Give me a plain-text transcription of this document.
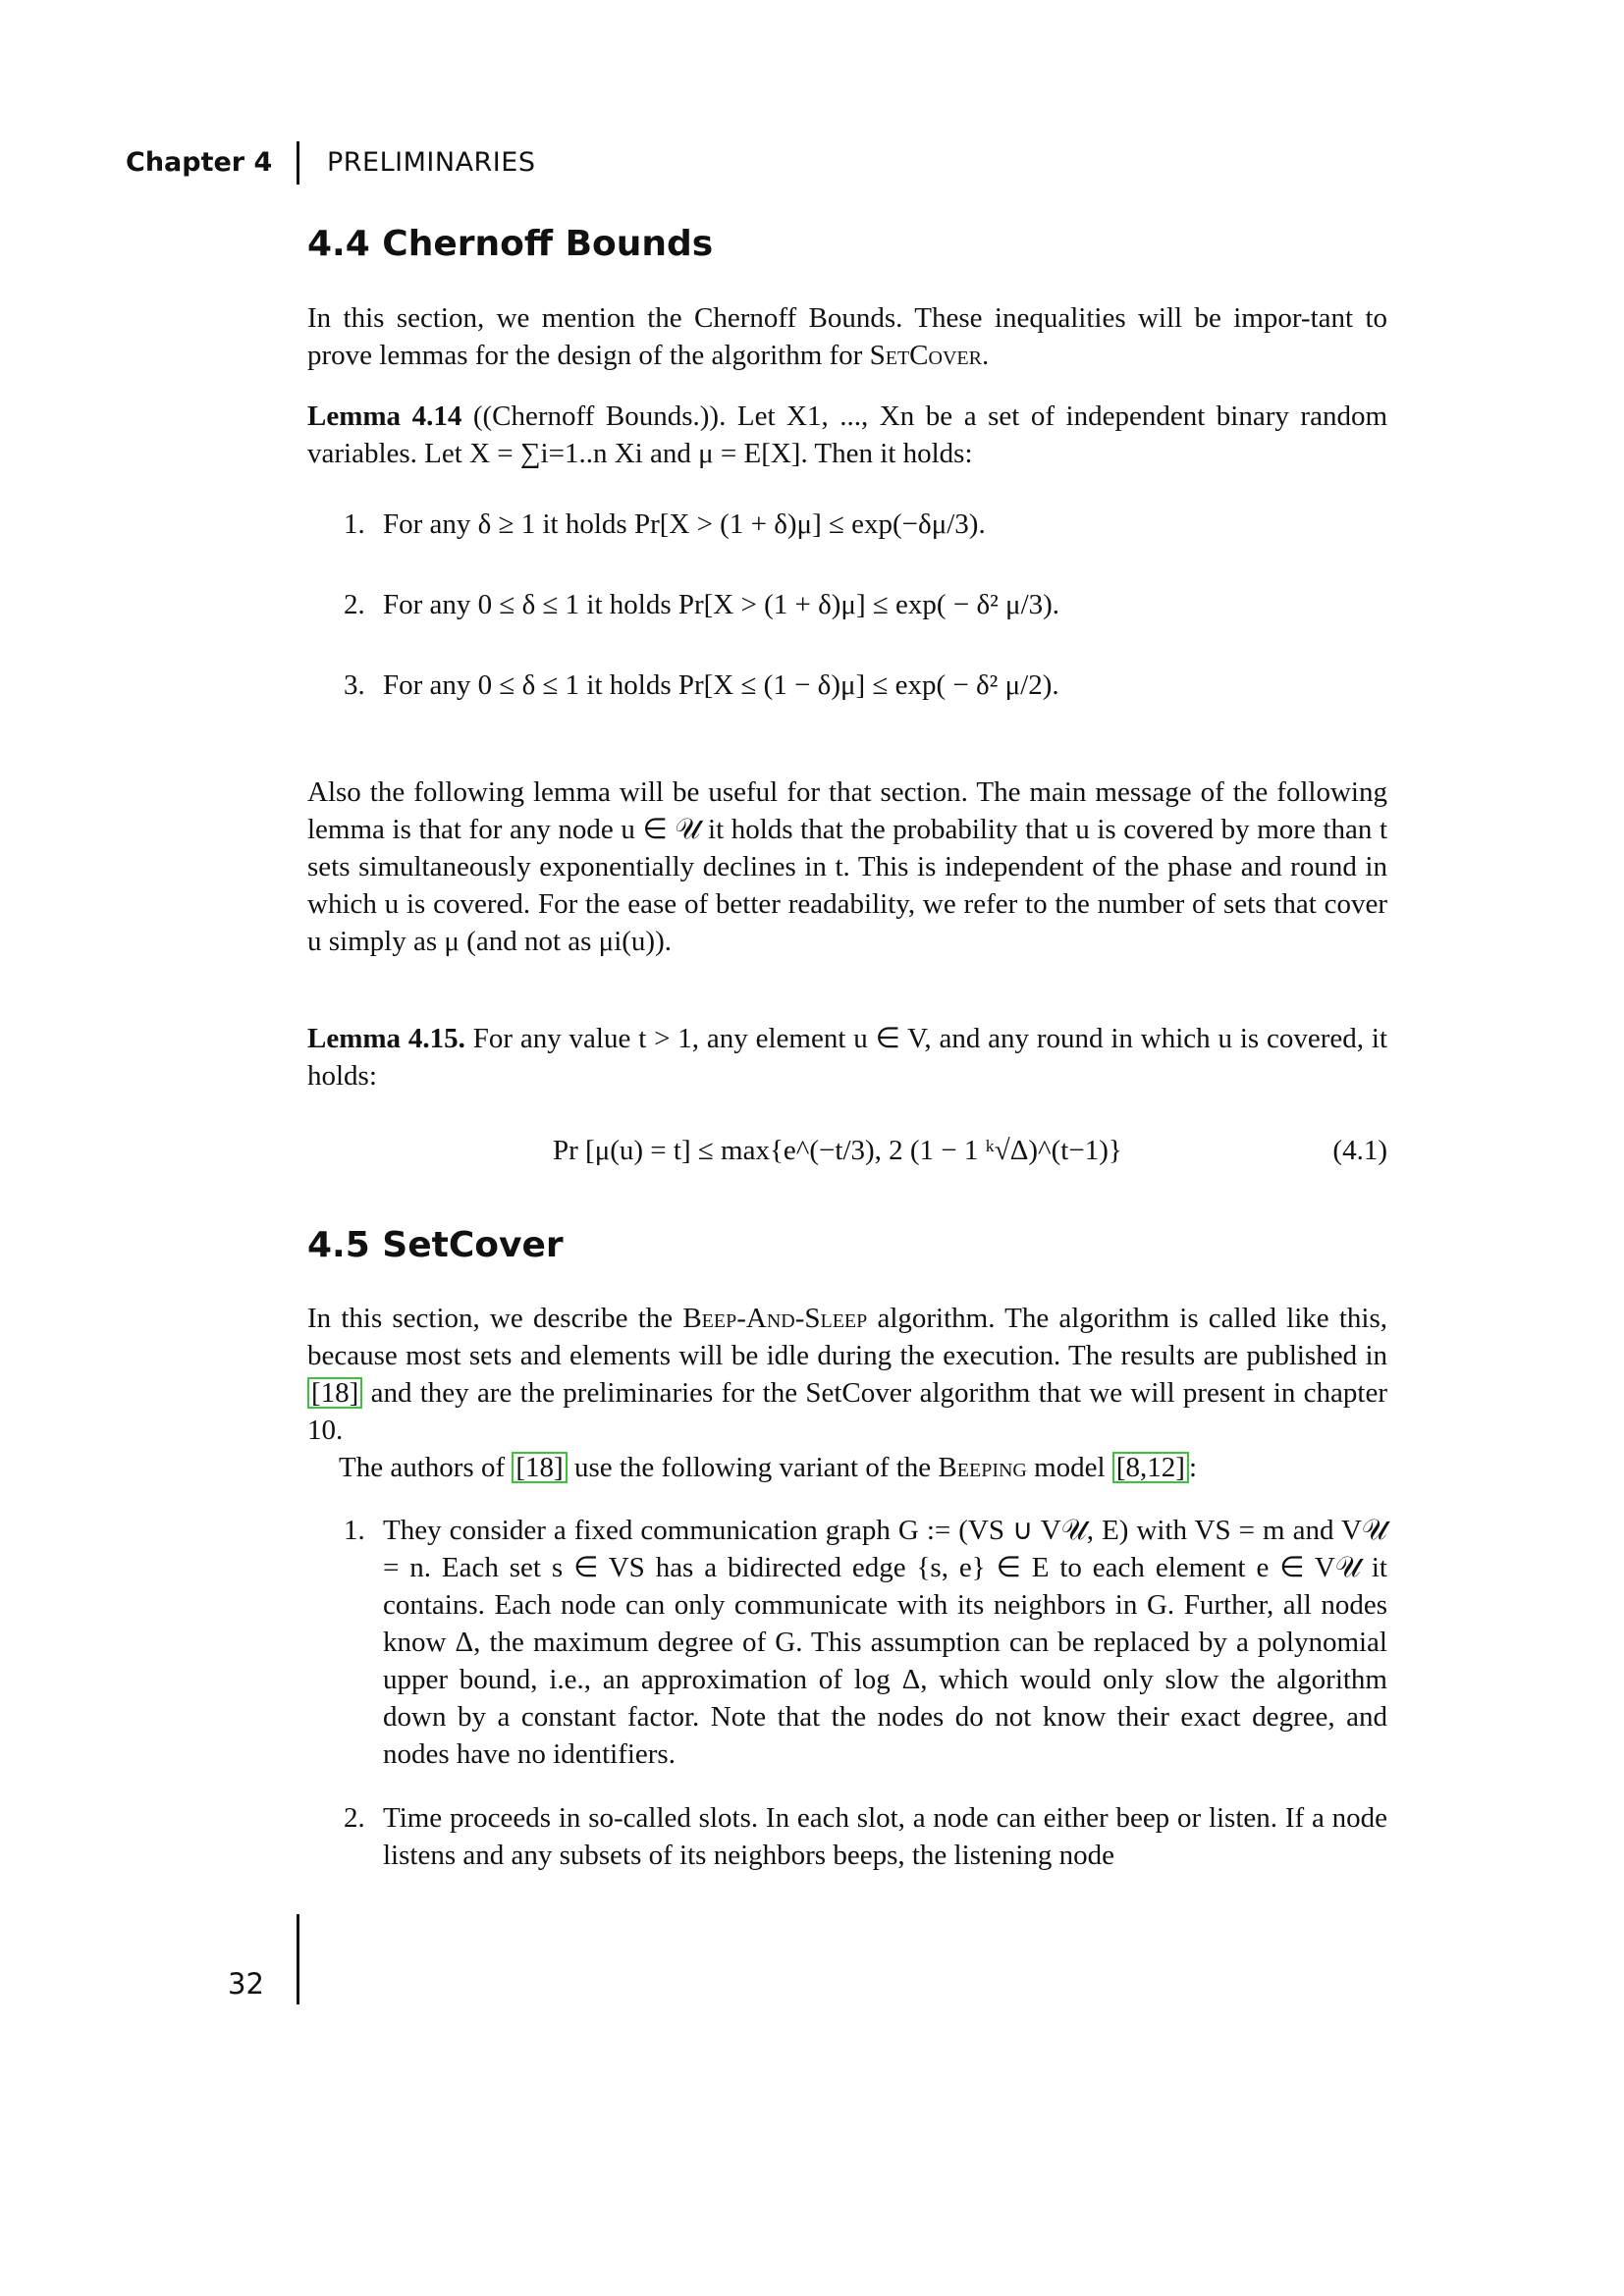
Chapter 4 PRELIMINARIES
4.4 Chernoff Bounds
In this section, we mention the Chernoff Bounds. These inequalities will be impor-tant to prove lemmas for the design of the algorithm for SetCover.
Lemma 4.14 ((Chernoff Bounds.)). Let X1, ..., Xn be a set of independent binary random variables. Let X = ∑i=1..n Xi and μ = E[X]. Then it holds:
1. For any δ ≥ 1 it holds Pr[X > (1 + δ)μ] ≤ exp(−δμ/3).
2. For any 0 ≤ δ ≤ 1 it holds Pr[X > (1 + δ)μ] ≤ exp( − δ² μ/3).
3. For any 0 ≤ δ ≤ 1 it holds Pr[X ≤ (1 − δ)μ] ≤ exp( − δ² μ/2).
Also the following lemma will be useful for that section. The main message of the following lemma is that for any node u ∈ 𝒰 it holds that the probability that u is covered by more than t sets simultaneously exponentially declines in t. This is independent of the phase and round in which u is covered. For the ease of better readability, we refer to the number of sets that cover u simply as μ (and not as μi(u)).
Lemma 4.15. For any value t > 1, any element u ∈ V, and any round in which u is covered, it holds:
Pr [μ(u) = t] ≤ max{e^(−t/3), 2 (1 − 1 ᵏ√Δ)^(t−1)}	(4.1)
4.5 SetCover
In this section, we describe the Beep-And-Sleep algorithm. The algorithm is called like this, because most sets and elements will be idle during the execution. The results are published in [18] and they are the preliminaries for the SetCover algorithm that we will present in chapter 10.
The authors of [18] use the following variant of the Beeping model [8,12] :
1. They consider a fixed communication graph G := (VS ∪ V𝒰, E) with VS = m and V𝒰 = n. Each set s ∈ VS has a bidirected edge {s, e} ∈ E to each element e ∈ V𝒰 it contains. Each node can only communicate with its neighbors in G. Further, all nodes know Δ, the maximum degree of G. This assumption can be replaced by a polynomial upper bound, i.e., an approximation of log Δ, which would only slow the algorithm down by a constant factor. Note that the nodes do not know their exact degree, and nodes have no identifiers.
2. Time proceeds in so-called slots. In each slot, a node can either beep or listen. If a node listens and any subsets of its neighbors beeps, the listening node
32
